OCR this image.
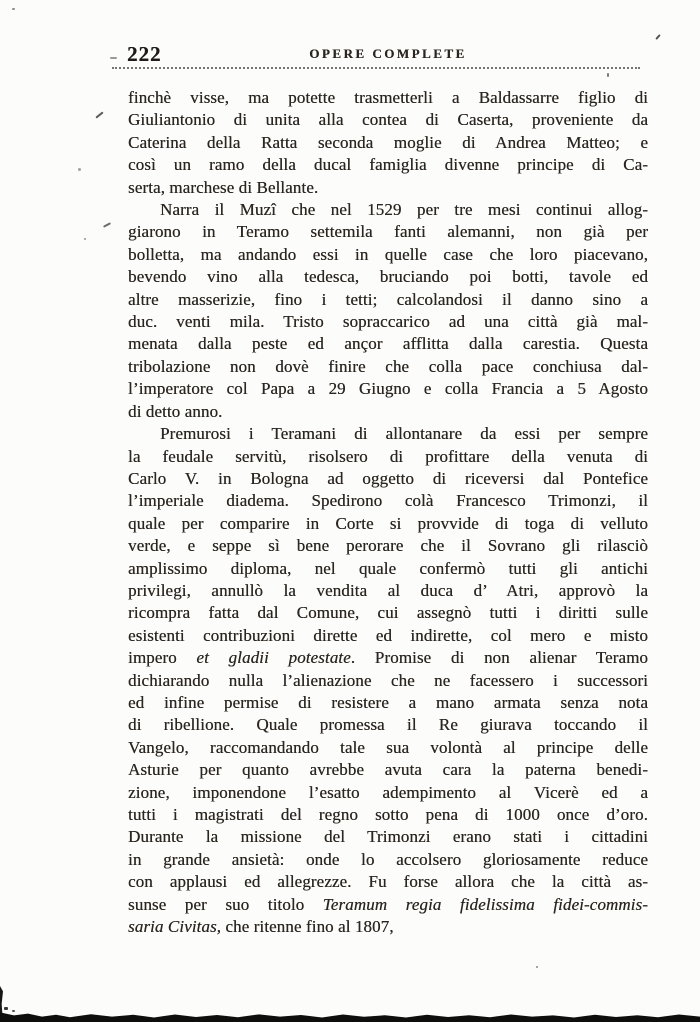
222	OPERE COMPLETE
finchè visse, ma potette trasmetterli a Baldassarre figlio di
Giuliantonio di unita alla contea di Caserta, proveniente da
Caterina della Ratta seconda moglie di Andrea Matteo; e
così un ramo della ducal famiglia divenne principe di Ca-
serta, marchese di Bellante.
Narra il Muzî che nel 1529 per tre mesi continui allog-
giarono in Teramo settemila fanti alemanni, non già per
bolletta, ma andando essi in quelle case che loro piacevano,
bevendo vino alla tedesca, bruciando poi botti, tavole ed
altre masserizie, fino i tetti; calcolandosi il danno sino a
duc. venti mila. Tristo sopraccarico ad una città già mal-
menata dalla peste ed ançor afflitta dalla carestia. Questa
tribolazione non dovè finire che colla pace conchiusa dal-
l’imperatore col Papa a 29 Giugno e colla Francia a 5 Agosto
di detto anno.
Premurosi i Teramani di allontanare da essi per sempre
la feudale servitù, risolsero di profittare della venuta di
Carlo V. in Bologna ad oggetto di riceversi dal Pontefice
l’imperiale diadema. Spedirono colà Francesco Trimonzi, il
quale per comparire in Corte si provvide di toga di velluto
verde, e seppe sì bene perorare che il Sovrano gli rilasciò
amplissimo diploma, nel quale confermò tutti gli antichi
privilegi, annullò la vendita al duca d’ Atri, approvò la
ricompra fatta dal Comune, cui assegnò tutti i diritti sulle
esistenti contribuzioni dirette ed indirette, col mero e misto
impero et gladii potestate. Promise di non alienar Teramo
dichiarando nulla l’alienazione che ne facessero i successori
ed infine permise di resistere a mano armata senza nota
di ribellione. Quale promessa il Re giurava toccando il
Vangelo, raccomandando tale sua volontà al principe delle
Asturie per quanto avrebbe avuta cara la paterna benedi-
zione, imponendone l’esatto adempimento al Vicerè ed a
tutti i magistrati del regno sotto pena di 1000 once d’oro.
Durante la missione del Trimonzi erano stati i cittadini
in grande ansietà: onde lo accolsero gloriosamente reduce
con applausi ed allegrezze. Fu forse allora che la città as-
sunse per suo titolo Teramum regia fidelissima fidei-commis-
saria Civitas, che ritenne fino al 1807,
